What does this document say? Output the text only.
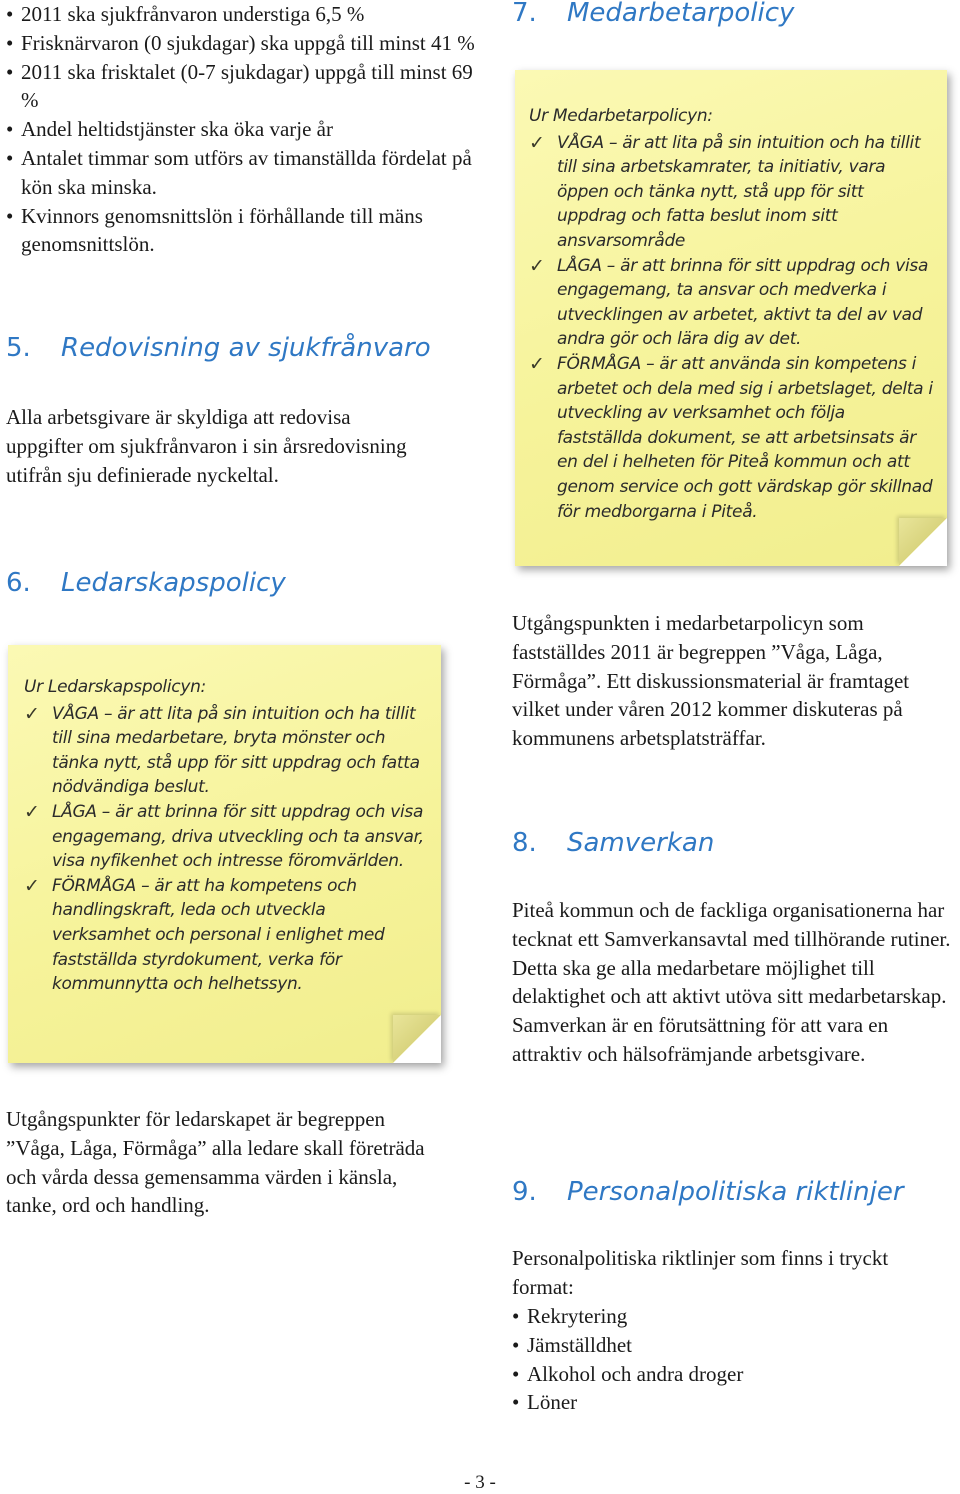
• 2011 ska sjukfrånvaron understiga 6,5 %
• Frisknärvaron (0 sjukdagar) ska uppgå till minst 41 %
• 2011 ska frisktalet (0-7 sjukdagar) uppgå till minst 69 %
• Andel heltidstjänster ska öka varje år
• Antalet timmar som utförs av timanställda fördelat på kön ska minska.
• Kvinnors genomsnittslön i förhållande till mäns genomsnittslön.
5. Redovisning av sjukfrånvaro

Alla arbetsgivare är skyldiga att redovisa uppgifter om sjukfrånvaron i sin årsredovisning utifrån sju definierade nyckeltal.

6. Ledarskapspolicy

Ur Ledarskapspolicyn:

✓ VÅGA – är att lita på sin intuition och ha tillit till sina medarbetare, bryta mönster och tänka nytt, stå upp för sitt uppdrag och fatta nödvändiga beslut.
✓ LÅGA – är att brinna för sitt uppdrag och visa engagemang, driva utveckling och ta ansvar, visa nyfikenhet och intresse föromvärlden.
✓ FÖRMÅGA – är att ha kompetens och handlingskraft, leda och utveckla verksamhet och personal i enlighet med fastställda styrdokument, verka för kommunnytta och helhetssyn.

Utgångspunkter för ledarskapet är begreppen ”Våga, Låga, Förmåga” alla ledare skall företräda och vårda dessa gemensamma värden i känsla, tanke, ord och handling.

7. Medarbetarpolicy

Ur Medarbetarpolicyn:

✓ VÅGA – är att lita på sin intuition och ha tillit till sina arbetskamrater, ta initiativ, vara öppen och tänka nytt, stå upp för sitt uppdrag och fatta beslut inom sitt ansvarsområde
✓ LÅGA – är att brinna för sitt uppdrag och visa engagemang, ta ansvar och medverka i utvecklingen av arbetet, aktivt ta del av vad andra gör och lära dig av det.
✓ FÖRMÅGA – är att använda sin kompetens i arbetet och dela med sig i arbetslaget, delta i utveckling av verksamhet och följa fastställda dokument, se att arbetsinsats är en del i helheten för Piteå kommun och att genom service och gott värdskap gör skillnad för medborgarna i Piteå.

Utgångspunkten i medarbetarpolicyn som fastställdes 2011 är begreppen ”Våga, Låga, Förmåga”. Ett diskussionsmaterial är framtaget vilket under våren 2012 kommer diskuteras på kommunens arbetsplatsträffar.

8. Samverkan

Piteå kommun och de fackliga organisationerna har tecknat ett Samverkansavtal med tillhörande rutiner. Detta ska ge alla medarbetare möjlighet till delaktighet och att aktivt utöva sitt medarbetarskap. Samverkan är en förutsättning för att vara en attraktiv och hälsofrämjande arbetsgivare.

9. Personalpolitiska riktlinjer

Personalpolitiska riktlinjer som finns i tryckt format:

• Rekrytering
• Jämställdhet
• Alkohol och andra droger
• Löner
- 3 -
